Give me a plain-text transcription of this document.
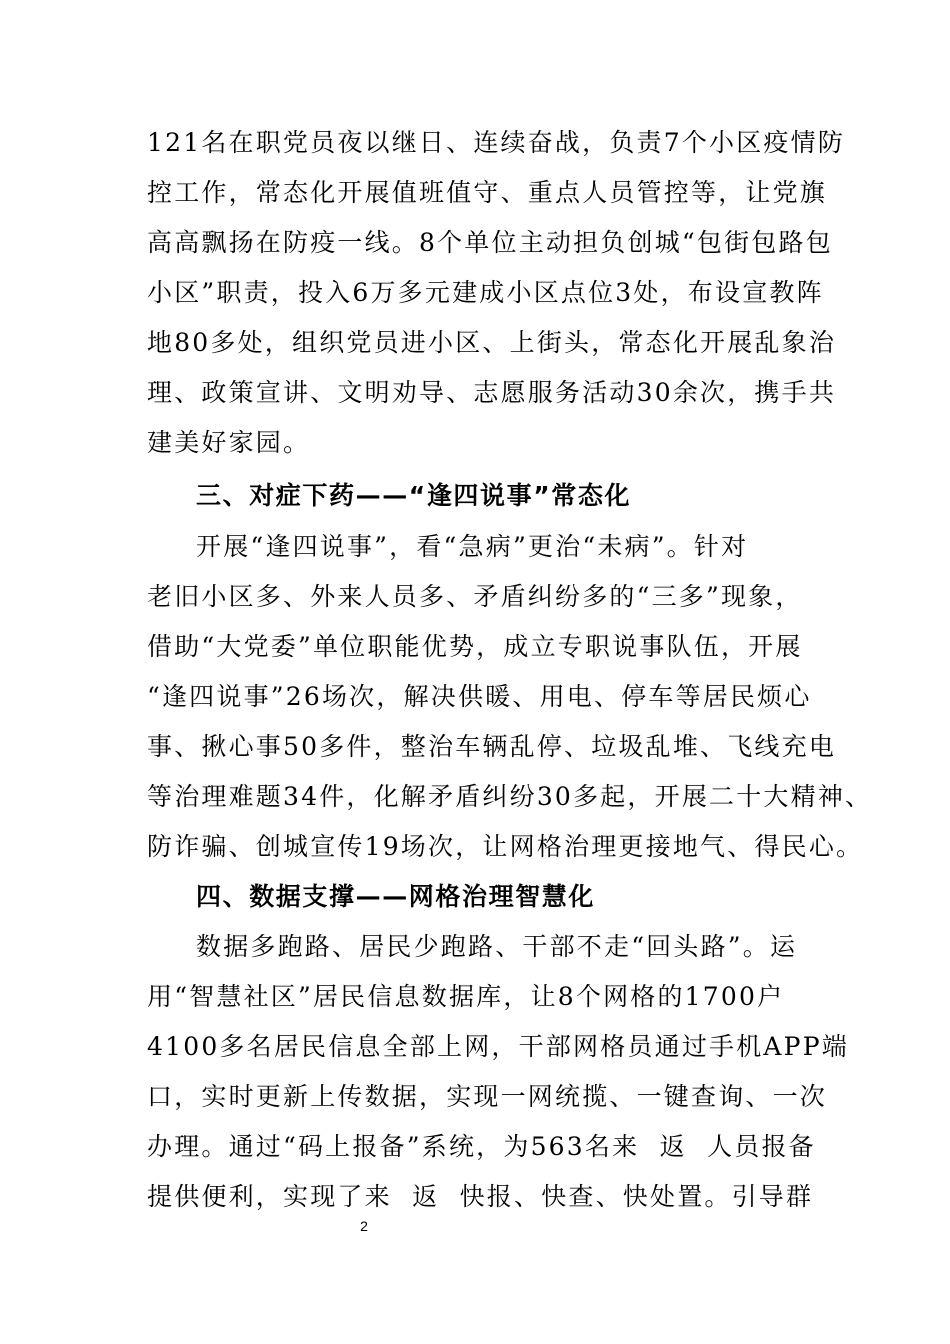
121名在职党员夜以继日、连续奋战，负责7个小区疫情防
控工作，常态化开展值班值守、重点人员管控等，让党旗
高高飘扬在防疫一线。8个单位主动担负创城“包街包路包
小区”职责，投入6万多元建成小区点位3处，布设宣教阵
地80多处，组织党员进小区、上街头，常态化开展乱象治
理、政策宣讲、文明劝导、志愿服务活动30余次，携手共
建美好家园。
三、对症下药——“逢四说事”常态化
开展“逢四说事”，看“急病”更治“未病”。针对
老旧小区多、外来人员多、矛盾纠纷多的“三多”现象，
借助“大党委”单位职能优势，成立专职说事队伍，开展
“逢四说事”26场次，解决供暖、用电、停车等居民烦心
事、揪心事50多件，整治车辆乱停、垃圾乱堆、飞线充电
等治理难题34件，化解矛盾纠纷30多起，开展二十大精神、
防诈骗、创城宣传19场次，让网格治理更接地气、得民心。
四、数据支撑——网格治理智慧化
数据多跑路、居民少跑路、干部不走“回头路”。运
用“智慧社区”居民信息数据库，让8个网格的1700户
4100多名居民信息全部上网，干部网格员通过手机APP端
口，实时更新上传数据，实现一网统揽、一键查询、一次
办理。通过“码上报备”系统，为563名来  返  人员报备
提供便利，实现了来  返  快报、快查、快处置。引导群
2
